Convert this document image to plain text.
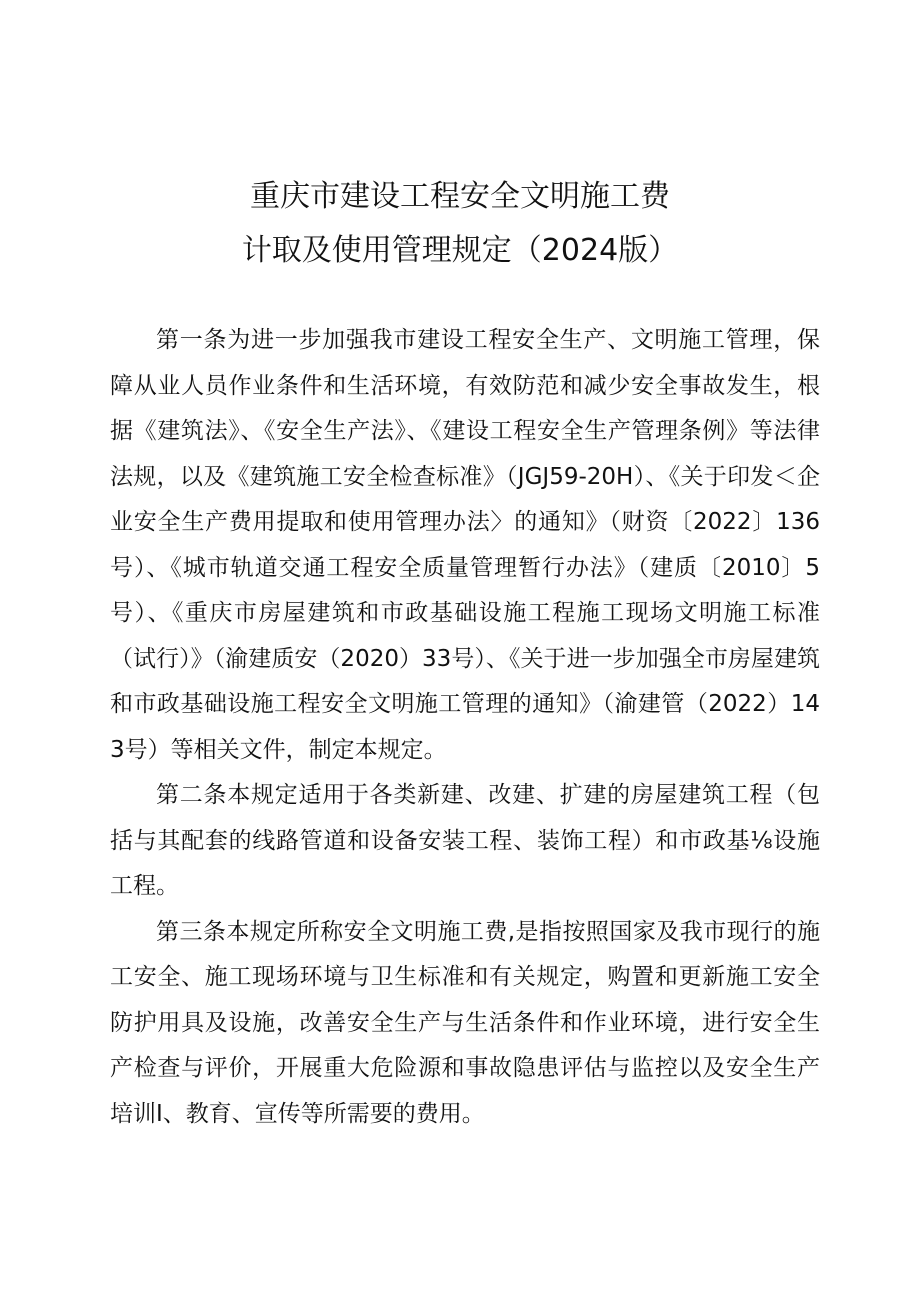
重庆市建设工程安全文明施工费
计取及使用管理规定（2024版）

第一条为进一步加强我市建设工程安全生产、文明施工管理，保障从业人员作业条件和生活环境，有效防范和减少安全事故发生，根据《建筑法》、《安全生产法》、《建设工程安全生产管理条例》等法律法规，以及《建筑施工安全检查标准》（JGJ59-20H）、《关于印发＜企业安全生产费用提取和使用管理办法〉的通知》（财资〔2022〕136号）、《城市轨道交通工程安全质量管理暂行办法》（建质〔2010〕5号）、《重庆市房屋建筑和市政基础设施工程施工现场文明施工标准（试行）》（渝建质安（2020）33号）、《关于进一步加强全市房屋建筑和市政基础设施工程安全文明施工管理的通知》（渝建管（2022）143号）等相关文件，制定本规定。

第二条本规定适用于各类新建、改建、扩建的房屋建筑工程（包括与其配套的线路管道和设备安装工程、装饰工程）和市政基⅛设施工程。

第三条本规定所称安全文明施工费,是指按照国家及我市现行的施工安全、施工现场环境与卫生标准和有关规定，购置和更新施工安全防护用具及设施，改善安全生产与生活条件和作业环境，进行安全生产检查与评价，开展重大危险源和事故隐患评估与监控以及安全生产培训I、教育、宣传等所需要的费用。
